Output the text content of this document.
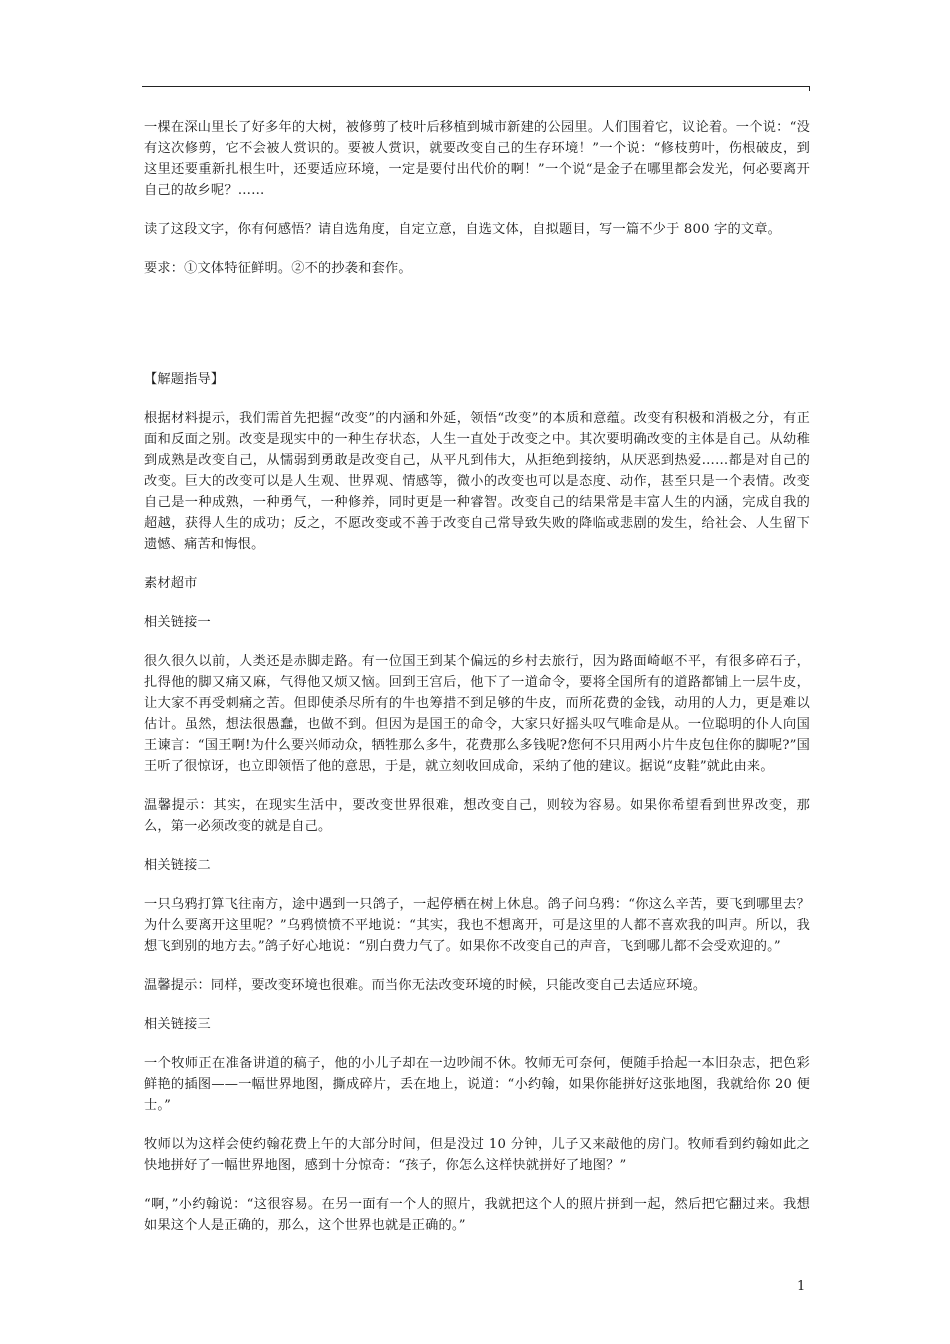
一棵在深山里长了好多年的大树，被修剪了枝叶后移植到城市新建的公园里。人们围着它，议论着。一个说：“没有这次修剪，它不会被人赏识的。要被人赏识，就要改变自己的生存环境！”一个说：“修枝剪叶，伤根破皮，到这里还要重新扎根生叶，还要适应环境，一定是要付出代价的啊！”一个说“是金子在哪里都会发光，何必要离开自己的故乡呢？……

读了这段文字，你有何感悟？请自选角度，自定立意，自选文体，自拟题目，写一篇不少于 800 字的文章。

要求：①文体特征鲜明。②不的抄袭和套作。

【解题指导】

根据材料提示，我们需首先把握“改变”的内涵和外延，领悟“改变”的本质和意蕴。改变有积极和消极之分，有正面和反面之别。改变是现实中的一种生存状态，人生一直处于改变之中。其次要明确改变的主体是自己。从幼稚到成熟是改变自己，从懦弱到勇敢是改变自己，从平凡到伟大，从拒绝到接纳，从厌恶到热爱……都是对自己的改变。巨大的改变可以是人生观、世界观、情感等，微小的改变也可以是态度、动作，甚至只是一个表情。改变自己是一种成熟，一种勇气，一种修养，同时更是一种睿智。改变自己的结果常是丰富人生的内涵，完成自我的超越，获得人生的成功；反之，不愿改变或不善于改变自己常导致失败的降临或悲剧的发生，给社会、人生留下遗憾、痛苦和悔恨。

素材超市

相关链接一

很久很久以前，人类还是赤脚走路。有一位国王到某个偏远的乡村去旅行，因为路面崎岖不平，有很多碎石子，扎得他的脚又痛又麻，气得他又烦又恼。回到王宫后，他下了一道命令，要将全国所有的道路都铺上一层牛皮，让大家不再受刺痛之苦。但即使杀尽所有的牛也筹措不到足够的牛皮，而所花费的金钱，动用的人力，更是难以估计。虽然，想法很愚蠢，也做不到。但因为是国王的命令，大家只好摇头叹气唯命是从。一位聪明的仆人向国王谏言：“国王啊!为什么要兴师动众，牺牲那么多牛，花费那么多钱呢?您何不只用两小片牛皮包住你的脚呢?”国王听了很惊讶，也立即领悟了他的意思，于是，就立刻收回成命，采纳了他的建议。据说“皮鞋”就此由来。

温馨提示：其实，在现实生活中，要改变世界很难，想改变自己，则较为容易。如果你希望看到世界改变，那么，第一必须改变的就是自己。

相关链接二

一只乌鸦打算飞往南方，途中遇到一只鸽子，一起停栖在树上休息。鸽子问乌鸦：“你这么辛苦，要飞到哪里去？为什么要离开这里呢？”乌鸦愤愤不平地说：“其实，我也不想离开，可是这里的人都不喜欢我的叫声。所以，我想飞到别的地方去。”鸽子好心地说：“别白费力气了。如果你不改变自己的声音，飞到哪儿都不会受欢迎的。”

温馨提示：同样，要改变环境也很难。而当你无法改变环境的时候，只能改变自己去适应环境。

相关链接三

一个牧师正在准备讲道的稿子，他的小儿子却在一边吵闹不休。牧师无可奈何，便随手拾起一本旧杂志，把色彩鲜艳的插图——一幅世界地图，撕成碎片，丢在地上，说道：“小约翰，如果你能拼好这张地图，我就给你 20 便士。”

牧师以为这样会使约翰花费上午的大部分时间，但是没过 10 分钟，儿子又来敲他的房门。牧师看到约翰如此之快地拼好了一幅世界地图，感到十分惊奇：“孩子，你怎么这样快就拼好了地图？”

“啊，”小约翰说：“这很容易。在另一面有一个人的照片，我就把这个人的照片拼到一起，然后把它翻过来。我想如果这个人是正确的，那么，这个世界也就是正确的。”

1
